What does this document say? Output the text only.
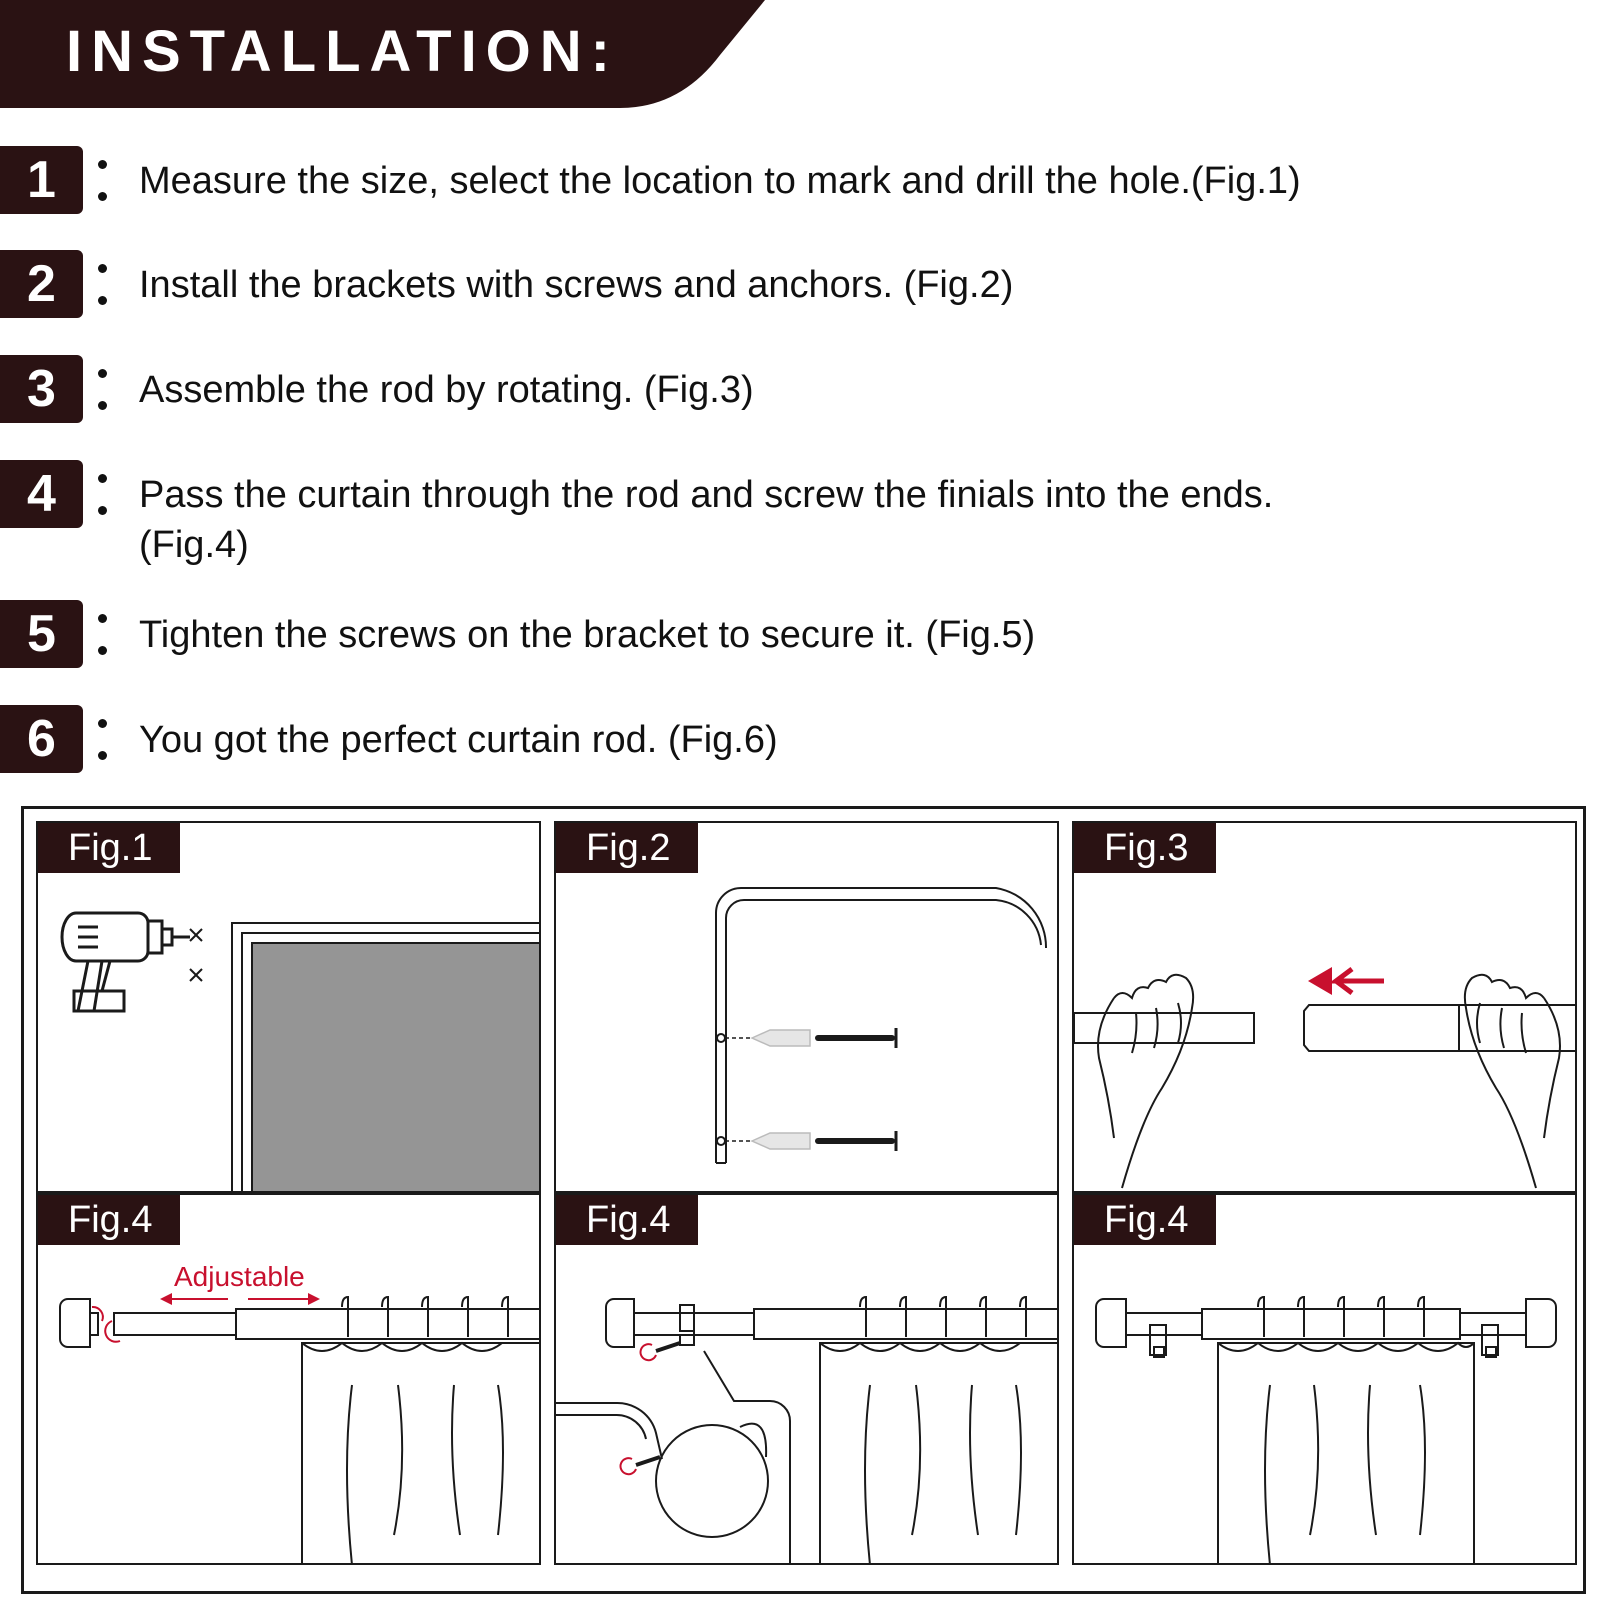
INSTALLATION:
1	Measure the size, select the location to mark and drill the hole.(Fig.1)
2	Install the brackets with screws and anchors. (Fig.2)
3	Assemble the rod by rotating. (Fig.3)
4	Pass the curtain through the rod and screw the finials into the ends.
(Fig.4)
5	Tighten the screws on the bracket to secure it. (Fig.5)
6	You got the perfect curtain rod. (Fig.6)
Fig.1	Fig.2	Fig.3
Fig.4
Adjustable
Fig.4	Fig.4
